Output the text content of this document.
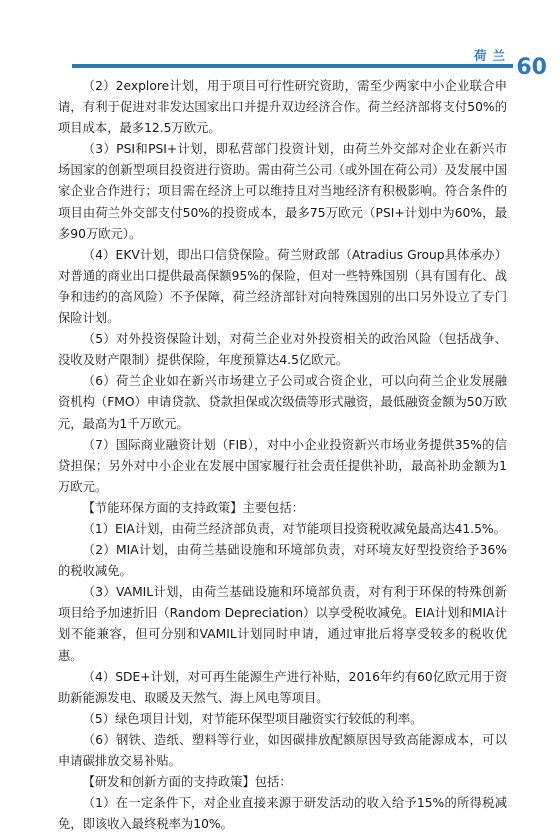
荷兰 60

（2）2explore计划，用于项目可行性研究资助，需至少两家中小企业联合申请，有利于促进对非发达国家出口并提升双边经济合作。荷兰经济部将支付50%的项目成本，最多12.5万欧元。

（3）PSI和PSI+计划，即私营部门投资计划，由荷兰外交部对企业在新兴市场国家的创新型项目投资进行资助。需由荷兰公司（或外国在荷公司）及发展中国家企业合作进行；项目需在经济上可以维持且对当地经济有积极影响。符合条件的项目由荷兰外交部支付50%的投资成本，最多75万欧元（PSI+计划中为60%，最多90万欧元）。

（4）EKV计划，即出口信贷保险。荷兰财政部（Atradius Group具体承办）对普通的商业出口提供最高保额95%的保险，但对一些特殊国别（具有国有化、战争和违约的高风险）不予保障，荷兰经济部针对向特殊国别的出口另外设立了专门保险计划。

（5）对外投资保险计划，对荷兰企业对外投资相关的政治风险（包括战争、没收及财产限制）提供保险，年度预算达4.5亿欧元。

（6）荷兰企业如在新兴市场建立子公司或合资企业，可以向荷兰企业发展融资机构（FMO）申请贷款、贷款担保或次级债等形式融资，最低融资金额为50万欧元，最高为1千万欧元。

（7）国际商业融资计划（FIB），对中小企业投资新兴市场业务提供35%的信贷担保；另外对中小企业在发展中国家履行社会责任提供补助，最高补助金额为1万欧元。

【节能环保方面的支持政策】主要包括：

（1）EIA计划，由荷兰经济部负责，对节能项目投资税收减免最高达41.5%。

（2）MIA计划，由荷兰基础设施和环境部负责，对环境友好型投资给予36%的税收减免。

（3）VAMIL计划，由荷兰基础设施和环境部负责，对有利于环保的特殊创新项目给予加速折旧（Random Depreciation）以享受税收减免。EIA计划和MIA计划不能兼容，但可分别和VAMIL计划同时申请，通过审批后将享受较多的税收优惠。

（4）SDE+计划，对可再生能源生产进行补贴，2016年约有60亿欧元用于资助新能源发电、取暖及天然气、海上风电等项目。

（5）绿色项目计划，对节能环保型项目融资实行较低的利率。

（6）钢铁、造纸、塑料等行业，如因碳排放配额原因导致高能源成本，可以申请碳排放交易补贴。

【研发和创新方面的支持政策】包括：

（1）在一定条件下，对企业直接来源于研发活动的收入给予15%的所得税减免，即该收入最终税率为10%。
